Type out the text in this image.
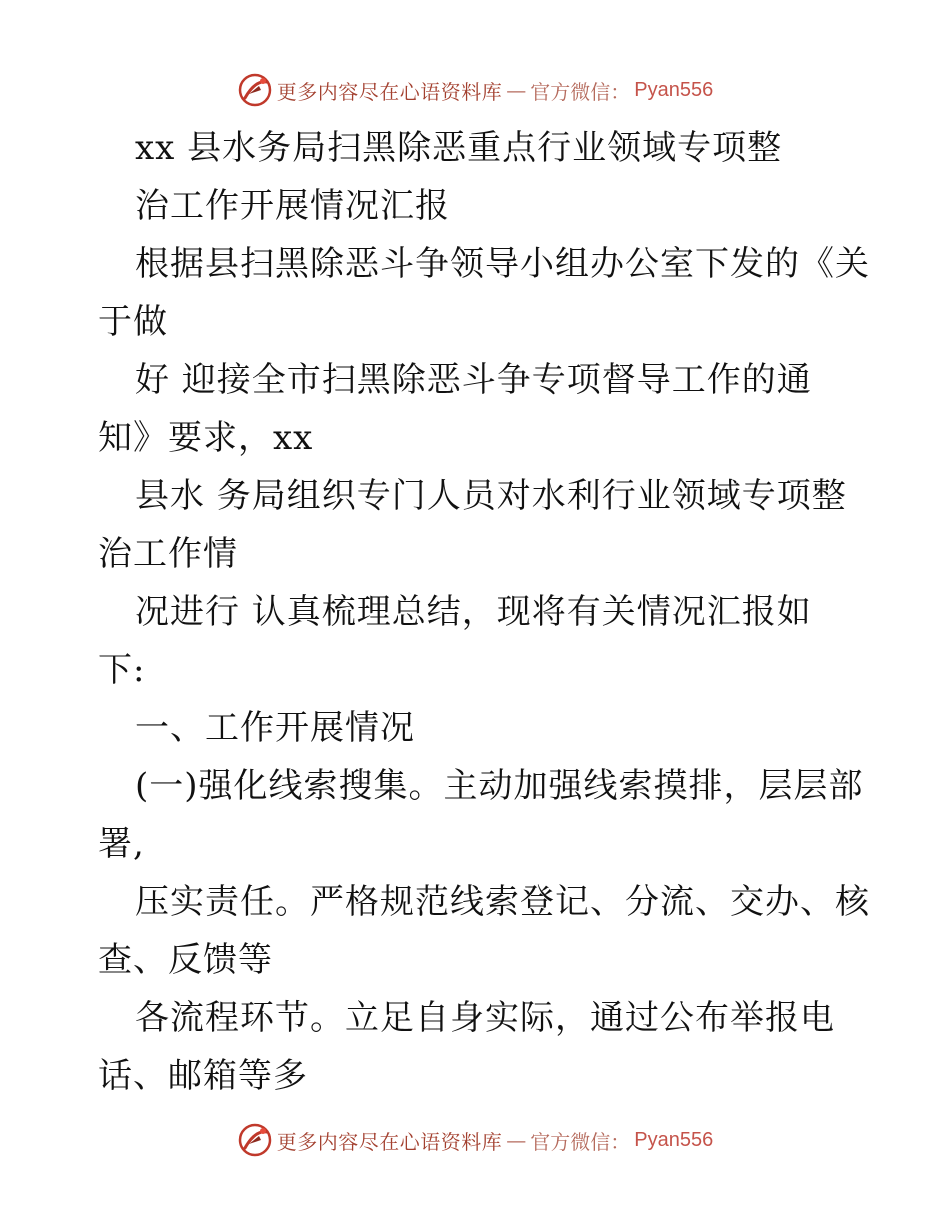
更多内容尽在心语资料库 — 官方微信： Pyan556
xx 县水务局扫黑除恶重点行业领域专项整
治工作开展情况汇报
根据县扫黑除恶斗争领导小组办公室下发的《关
于做
好 迎接全市扫黑除恶斗争专项督导工作的通
知》要求，xx
县水 务局组织专门人员对水利行业领域专项整
治工作情
况进行 认真梳理总结，现将有关情况汇报如
下:
一、工作开展情况
(一)强化线索搜集。主动加强线索摸排，层层部
署,
压实责任。严格规范线索登记、分流、交办、核
查、反馈等
各流程环节。立足自身实际，通过公布举报电
话、邮箱等多
更多内容尽在心语资料库 — 官方微信： Pyan556
